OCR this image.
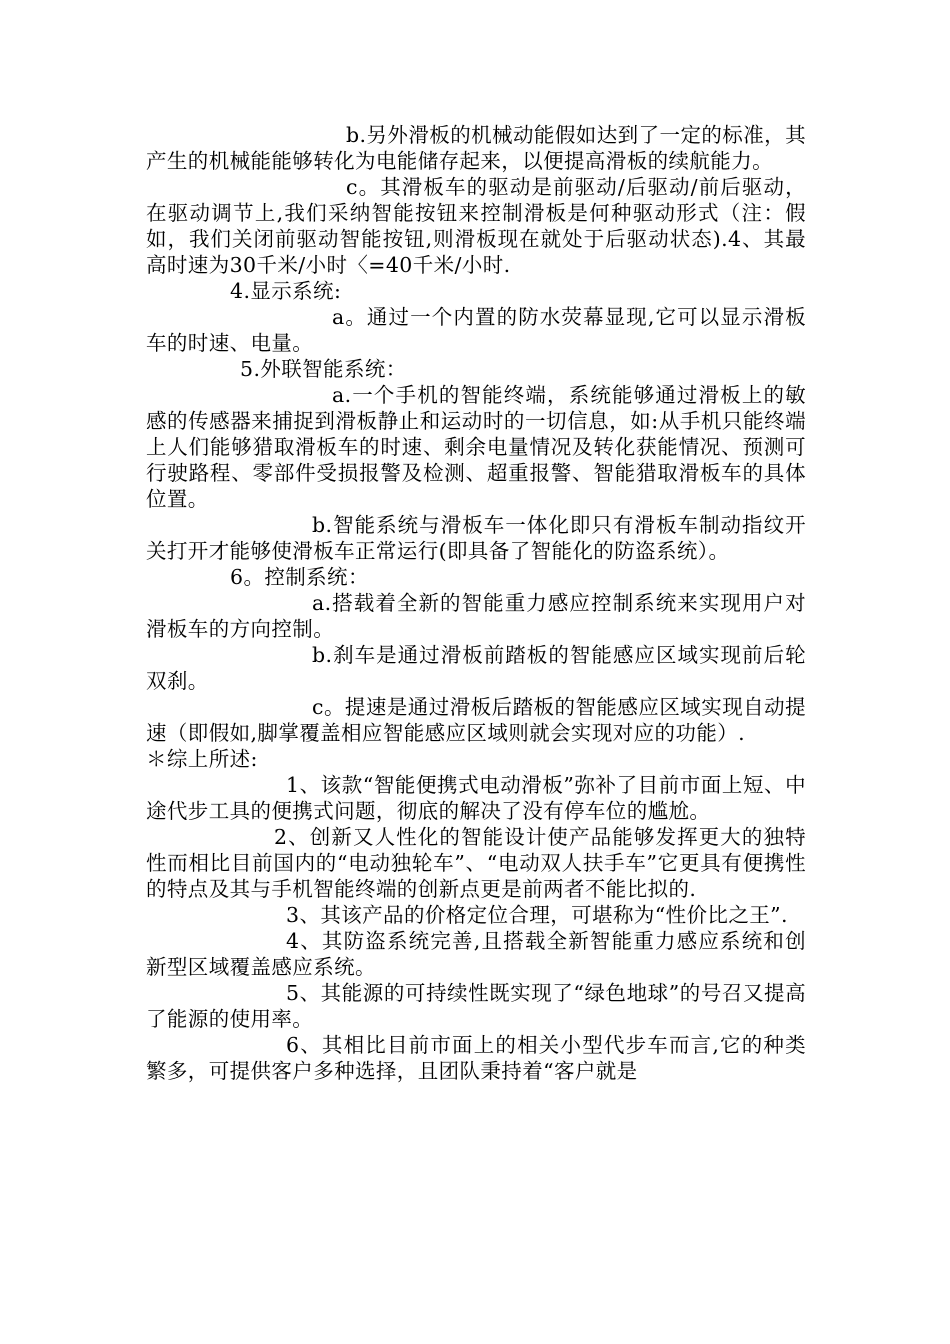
b.另外滑板的机械动能假如达到了一定的标准，其产生的机械能能够转化为电能储存起来，以便提高滑板的续航能力。

c。其滑板车的驱动是前驱动/后驱动/前后驱动，在驱动调节上,我们采纳智能按钮来控制滑板是何种驱动形式（注：假如，我们关闭前驱动智能按钮,则滑板现在就处于后驱动状态).4、其最高时速为30千米/小时〈=40千米/小时.

4.显示系统:

a。通过一个内置的防水荧幕显现,它可以显示滑板车的时速、电量。

5.外联智能系统：

a.一个手机的智能终端，系统能够通过滑板上的敏感的传感器来捕捉到滑板静止和运动时的一切信息，如:从手机只能终端上人们能够猎取滑板车的时速、剩余电量情况及转化获能情况、预测可行驶路程、零部件受损报警及检测、超重报警、智能猎取滑板车的具体位置。

b.智能系统与滑板车一体化即只有滑板车制动指纹开关打开才能够使滑板车正常运行(即具备了智能化的防盗系统）。

6。控制系统：

a.搭载着全新的智能重力感应控制系统来实现用户对滑板车的方向控制。

b.刹车是通过滑板前踏板的智能感应区域实现前后轮双刹。

c。提速是通过滑板后踏板的智能感应区域实现自动提速（即假如,脚掌覆盖相应智能感应区域则就会实现对应的功能）.

＊综上所述:

1、该款“智能便携式电动滑板”弥补了目前市面上短、中途代步工具的便携式问题，彻底的解决了没有停车位的尴尬。

2、创新又人性化的智能设计使产品能够发挥更大的独特性而相比目前国内的“电动独轮车”、“电动双人扶手车”它更具有便携性的特点及其与手机智能终端的创新点更是前两者不能比拟的.

3、其该产品的价格定位合理，可堪称为“性价比之王”.

4、其防盗系统完善,且搭载全新智能重力感应系统和创新型区域覆盖感应系统。

5、其能源的可持续性既实现了“绿色地球”的号召又提高了能源的使用率。

6、其相比目前市面上的相关小型代步车而言,它的种类繁多，可提供客户多种选择，且团队秉持着“客户就是
